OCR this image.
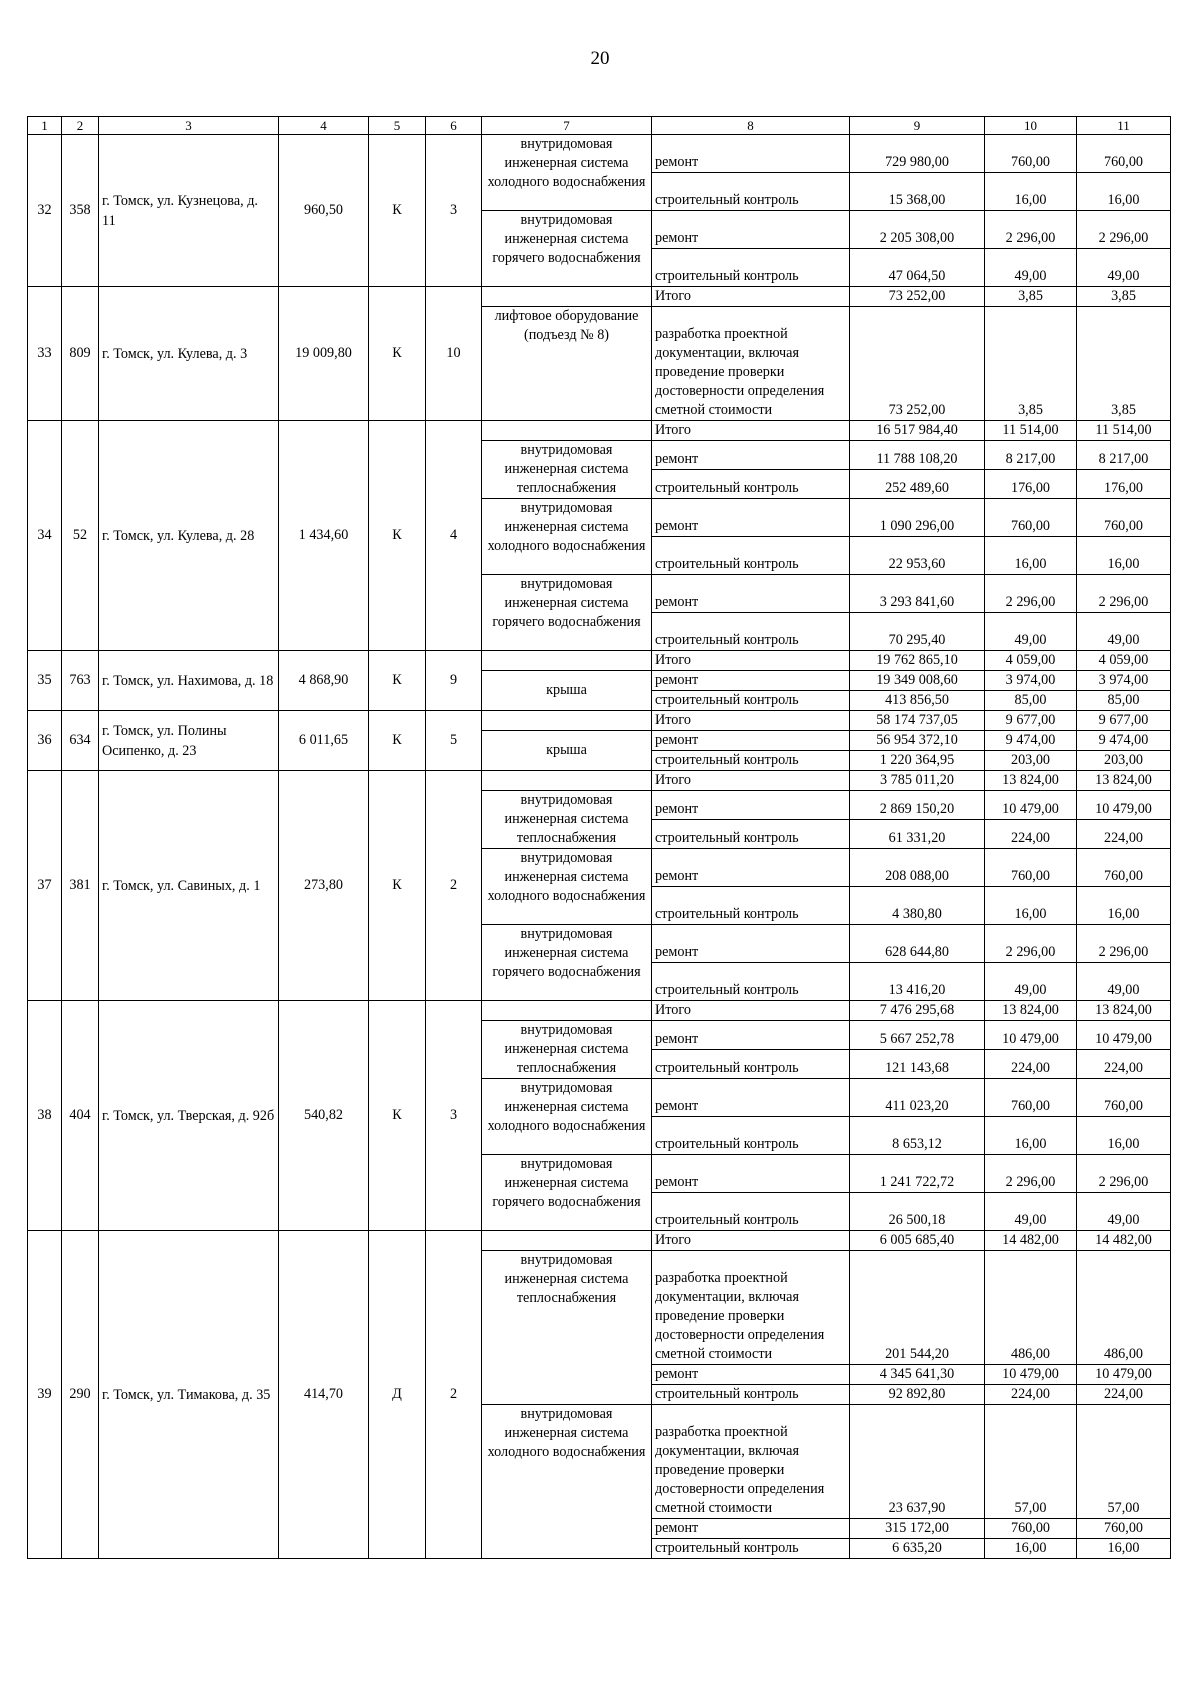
20
1	2	3	4	5	6	7	8	9	10	11
32	358	г. Томск, ул. Кузнецова, д. 11	960,50	К	3	внутридомовая инженерная система холодного водоснабжения	ремонт	729 980,00	760,00	760,00
							строительный контроль	15 368,00	16,00	16,00
						внутридомовая инженерная система горячего водоснабжения	ремонт	2 205 308,00	2 296,00	2 296,00
							строительный контроль	47 064,50	49,00	49,00
33	809	г. Томск, ул. Кулева, д. 3	19 009,80	К	10		Итого	73 252,00	3,85	3,85
						лифтовое оборудование (подъезд № 8)	разработка проектной документации, включая проведение проверки достоверности определения сметной стоимости	73 252,00	3,85	3,85
34	52	г. Томск, ул. Кулева, д. 28	1 434,60	К	4		Итого	16 517 984,40	11 514,00	11 514,00
						внутридомовая инженерная система теплоснабжения	ремонт	11 788 108,20	8 217,00	8 217,00
							строительный контроль	252 489,60	176,00	176,00
						внутридомовая инженерная система холодного водоснабжения	ремонт	1 090 296,00	760,00	760,00
							строительный контроль	22 953,60	16,00	16,00
						внутридомовая инженерная система горячего водоснабжения	ремонт	3 293 841,60	2 296,00	2 296,00
							строительный контроль	70 295,40	49,00	49,00
35	763	г. Томск, ул. Нахимова, д. 18	4 868,90	К	9		Итого	19 762 865,10	4 059,00	4 059,00
						крыша	ремонт	19 349 008,60	3 974,00	3 974,00
							строительный контроль	413 856,50	85,00	85,00
36	634	г. Томск, ул. Полины Осипенко, д. 23	6 011,65	К	5		Итого	58 174 737,05	9 677,00	9 677,00
						крыша	ремонт	56 954 372,10	9 474,00	9 474,00
							строительный контроль	1 220 364,95	203,00	203,00
37	381	г. Томск, ул. Савиных, д. 1	273,80	К	2		Итого	3 785 011,20	13 824,00	13 824,00
						внутридомовая инженерная система теплоснабжения	ремонт	2 869 150,20	10 479,00	10 479,00
							строительный контроль	61 331,20	224,00	224,00
						внутридомовая инженерная система холодного водоснабжения	ремонт	208 088,00	760,00	760,00
							строительный контроль	4 380,80	16,00	16,00
						внутридомовая инженерная система горячего водоснабжения	ремонт	628 644,80	2 296,00	2 296,00
							строительный контроль	13 416,20	49,00	49,00
38	404	г. Томск, ул. Тверская, д. 92б	540,82	К	3		Итого	7 476 295,68	13 824,00	13 824,00
						внутридомовая инженерная система теплоснабжения	ремонт	5 667 252,78	10 479,00	10 479,00
							строительный контроль	121 143,68	224,00	224,00
						внутридомовая инженерная система холодного водоснабжения	ремонт	411 023,20	760,00	760,00
							строительный контроль	8 653,12	16,00	16,00
						внутридомовая инженерная система горячего водоснабжения	ремонт	1 241 722,72	2 296,00	2 296,00
							строительный контроль	26 500,18	49,00	49,00
39	290	г. Томск, ул. Тимакова, д. 35	414,70	Д	2		Итого	6 005 685,40	14 482,00	14 482,00
						внутридомовая инженерная система теплоснабжения	разработка проектной документации, включая проведение проверки достоверности определения сметной стоимости	201 544,20	486,00	486,00
							ремонт	4 345 641,30	10 479,00	10 479,00
							строительный контроль	92 892,80	224,00	224,00
						внутридомовая инженерная система холодного водоснабжения	разработка проектной документации, включая проведение проверки достоверности определения сметной стоимости	23 637,90	57,00	57,00
							ремонт	315 172,00	760,00	760,00
							строительный контроль	6 635,20	16,00	16,00
